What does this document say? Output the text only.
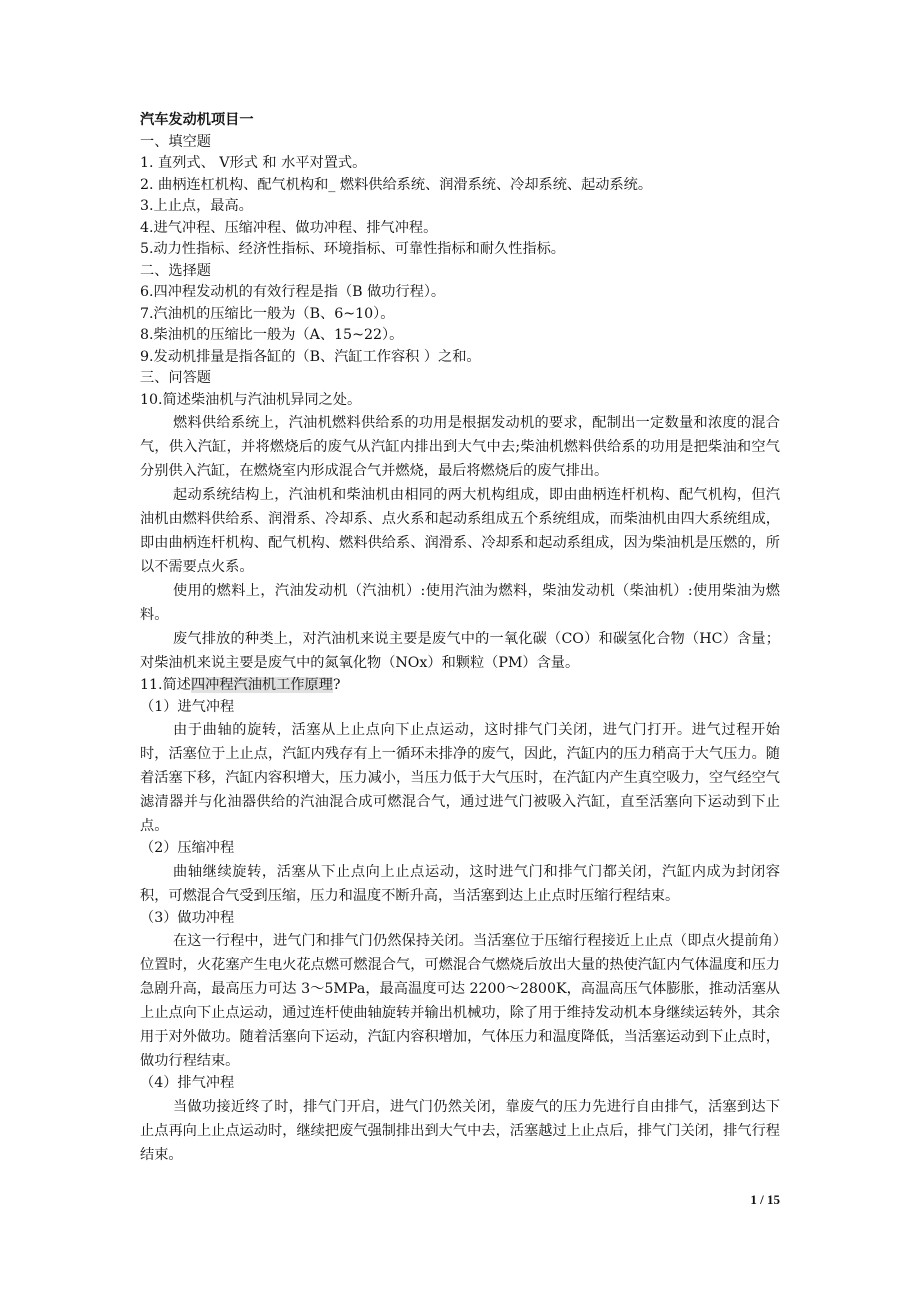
汽车发动机项目一

一、填空题

1. 直列式、 V形式 和 水平对置式。

2. 曲柄连杠机构、配气机构和_ 燃料供给系统、润滑系统、冷却系统、起动系统。

3.上止点，最高。

4.进气冲程、压缩冲程、做功冲程、排气冲程。

5.动力性指标、经济性指标、环境指标、可靠性指标和耐久性指标。

二、选择题

6.四冲程发动机的有效行程是指（B 做功行程）。

7.汽油机的压缩比一般为（B、6~10）。

8.柴油机的压缩比一般为（A、15~22）。

9.发动机排量是指各缸的（B、汽缸工作容积 ）之和。

三、问答题

10.简述柴油机与汽油机异同之处。

燃料供给系统上，汽油机燃料供给系的功用是根据发动机的要求，配制出一定数量和浓度的混合气，供入汽缸，并将燃烧后的废气从汽缸内排出到大气中去;柴油机燃料供给系的功用是把柴油和空气分别供入汽缸，在燃烧室内形成混合气并燃烧，最后将燃烧后的废气排出。

起动系统结构上，汽油机和柴油机由相同的两大机构组成，即由曲柄连杆机构、配气机构，但汽油机由燃料供给系、润滑系、冷却系、点火系和起动系组成五个系统组成，而柴油机由四大系统组成，即由曲柄连杆机构、配气机构、燃料供给系、润滑系、冷却系和起动系组成，因为柴油机是压燃的，所以不需要点火系。

使用的燃料上，汽油发动机（汽油机）:使用汽油为燃料，柴油发动机（柴油机）:使用柴油为燃料。

废气排放的种类上，对汽油机来说主要是废气中的一氧化碳（CO）和碳氢化合物（HC）含量；对柴油机来说主要是废气中的氮氧化物（NOx）和颗粒（PM）含量。

11.简述四冲程汽油机工作原理?

（1）进气冲程

由于曲轴的旋转，活塞从上止点向下止点运动，这时排气门关闭，进气门打开。进气过程开始时，活塞位于上止点，汽缸内残存有上一循环未排净的废气，因此，汽缸内的压力稍高于大气压力。随着活塞下移，汽缸内容积增大，压力减小，当压力低于大气压时，在汽缸内产生真空吸力，空气经空气滤清器并与化油器供给的汽油混合成可燃混合气，通过进气门被吸入汽缸，直至活塞向下运动到下止点。

（2）压缩冲程

曲轴继续旋转，活塞从下止点向上止点运动，这时进气门和排气门都关闭，汽缸内成为封闭容积，可燃混合气受到压缩，压力和温度不断升高，当活塞到达上止点时压缩行程结束。

（3）做功冲程

在这一行程中，进气门和排气门仍然保持关闭。当活塞位于压缩行程接近上止点（即点火提前角）位置时，火花塞产生电火花点燃可燃混合气，可燃混合气燃烧后放出大量的热使汽缸内气体温度和压力急剧升高，最高压力可达 3～5MPa，最高温度可达 2200～2800K，高温高压气体膨胀，推动活塞从上止点向下止点运动，通过连杆使曲轴旋转并输出机械功，除了用于维持发动机本身继续运转外，其余用于对外做功。随着活塞向下运动，汽缸内容积增加，气体压力和温度降低，当活塞运动到下止点时，做功行程结束。

（4）排气冲程

当做功接近终了时，排气门开启，进气门仍然关闭，靠废气的压力先进行自由排气，活塞到达下止点再向上止点运动时，继续把废气强制排出到大气中去，活塞越过上止点后，排气门关闭，排气行程结束。

1 / 15
